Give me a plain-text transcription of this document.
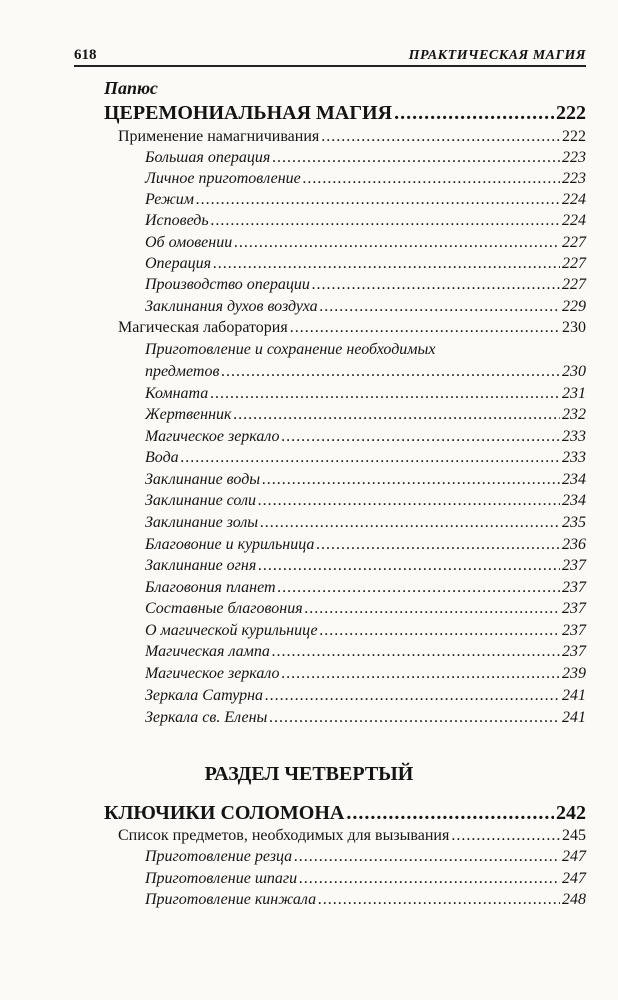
618	ПРАКТИЧЕСКАЯ МАГИЯ
Папюс
ЦЕРЕМОНИАЛЬНАЯ МАГИЯ .....	222
Применение намагничивания .....	222
Большая операция .....	223
Личное приготовление .....	223
Режим .....	224
Исповедь .....	224
Об омовении .....	227
Операция .....	227
Производство операции .....	227
Заклинания духов воздуха .....	229
Магическая лаборатория .....	230
Приготовление и сохранение необходимых
предметов .....	230
Комната .....	231
Жертвенник .....	232
Магическое зеркало .....	233
Вода .....	233
Заклинание воды .....	234
Заклинание соли .....	234
Заклинание золы .....	235
Благовоние и курильница .....	236
Заклинание огня .....	237
Благовония планет .....	237
Составные благовония .....	237
О магической курильнице .....	237
Магическая лампа .....	237
Магическое зеркало .....	239
Зеркала Сатурна .....	241
Зеркала св. Елены .....	241
РАЗДЕЛ ЧЕТВЕРТЫЙ
КЛЮЧИКИ СОЛОМОНА .....	242
Список предметов, необходимых для вызывания .....	245
Приготовление резца .....	247
Приготовление шпаги .....	247
Приготовление кинжала .....	248
